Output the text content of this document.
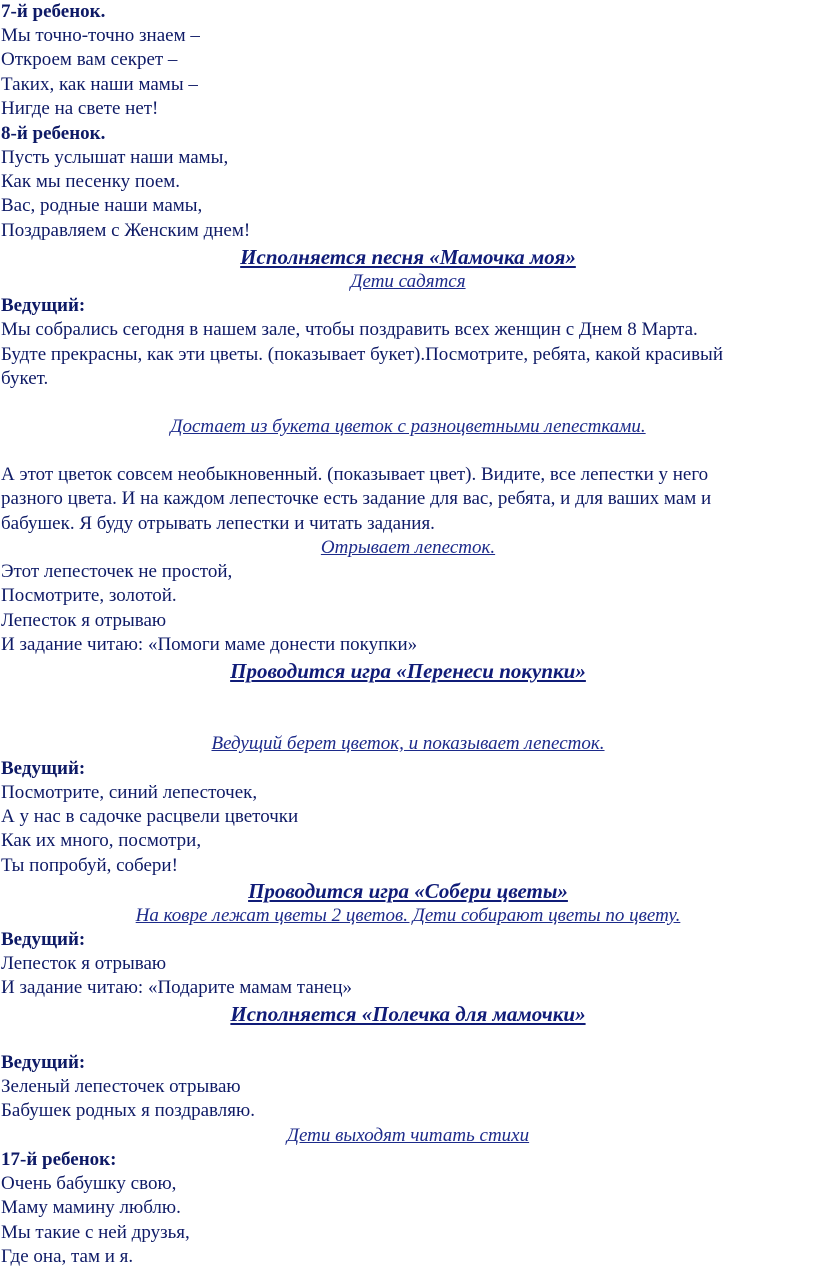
7-й ребенок.
Мы точно-точно знаем –
Откроем вам секрет –
Таких, как наши мамы –
Нигде на свете нет!
8-й ребенок.
Пусть услышат наши мамы,
Как мы песенку поем.
Вас, родные наши мамы,
Поздравляем с Женским днем!
Исполняется песня «Мамочка моя»
Дети садятся
Ведущий:
Мы собрались сегодня в нашем зале, чтобы поздравить всех женщин с Днем 8 Марта.
Будте прекрасны, как эти цветы. (показывает букет).Посмотрите, ребята, какой красивый
букет.
Достает из букета цветок с разноцветными лепестками.
А этот цветок совсем необыкновенный. (показывает цвет). Видите, все лепестки у него
разного цвета. И на каждом лепесточке есть задание для вас, ребята, и для ваших мам и
бабушек. Я буду отрывать лепестки и читать задания.
Отрывает лепесток.
Этот лепесточек не простой,
Посмотрите, золотой.
Лепесток я отрываю
И задание читаю: «Помоги маме донести покупки»
Проводится игра «Перенеси покупки»
Ведущий берет цветок, и показывает лепесток.
Ведущий:
Посмотрите, синий лепесточек,
А у нас в садочке расцвели цветочки
Как их много, посмотри,
Ты попробуй, собери!
Проводится игра «Собери цветы»
На ковре лежат цветы 2 цветов. Дети собирают цветы по цвету.
Ведущий:
Лепесток я отрываю
И задание читаю: «Подарите мамам танец»
Исполняется «Полечка для мамочки»
Ведущий:
Зеленый лепесточек отрываю
Бабушек родных я поздравляю.
Дети выходят читать стихи
17-й ребенок:
Очень бабушку свою,
Маму мамину люблю.
Мы такие с ней друзья,
Где она, там и я.
